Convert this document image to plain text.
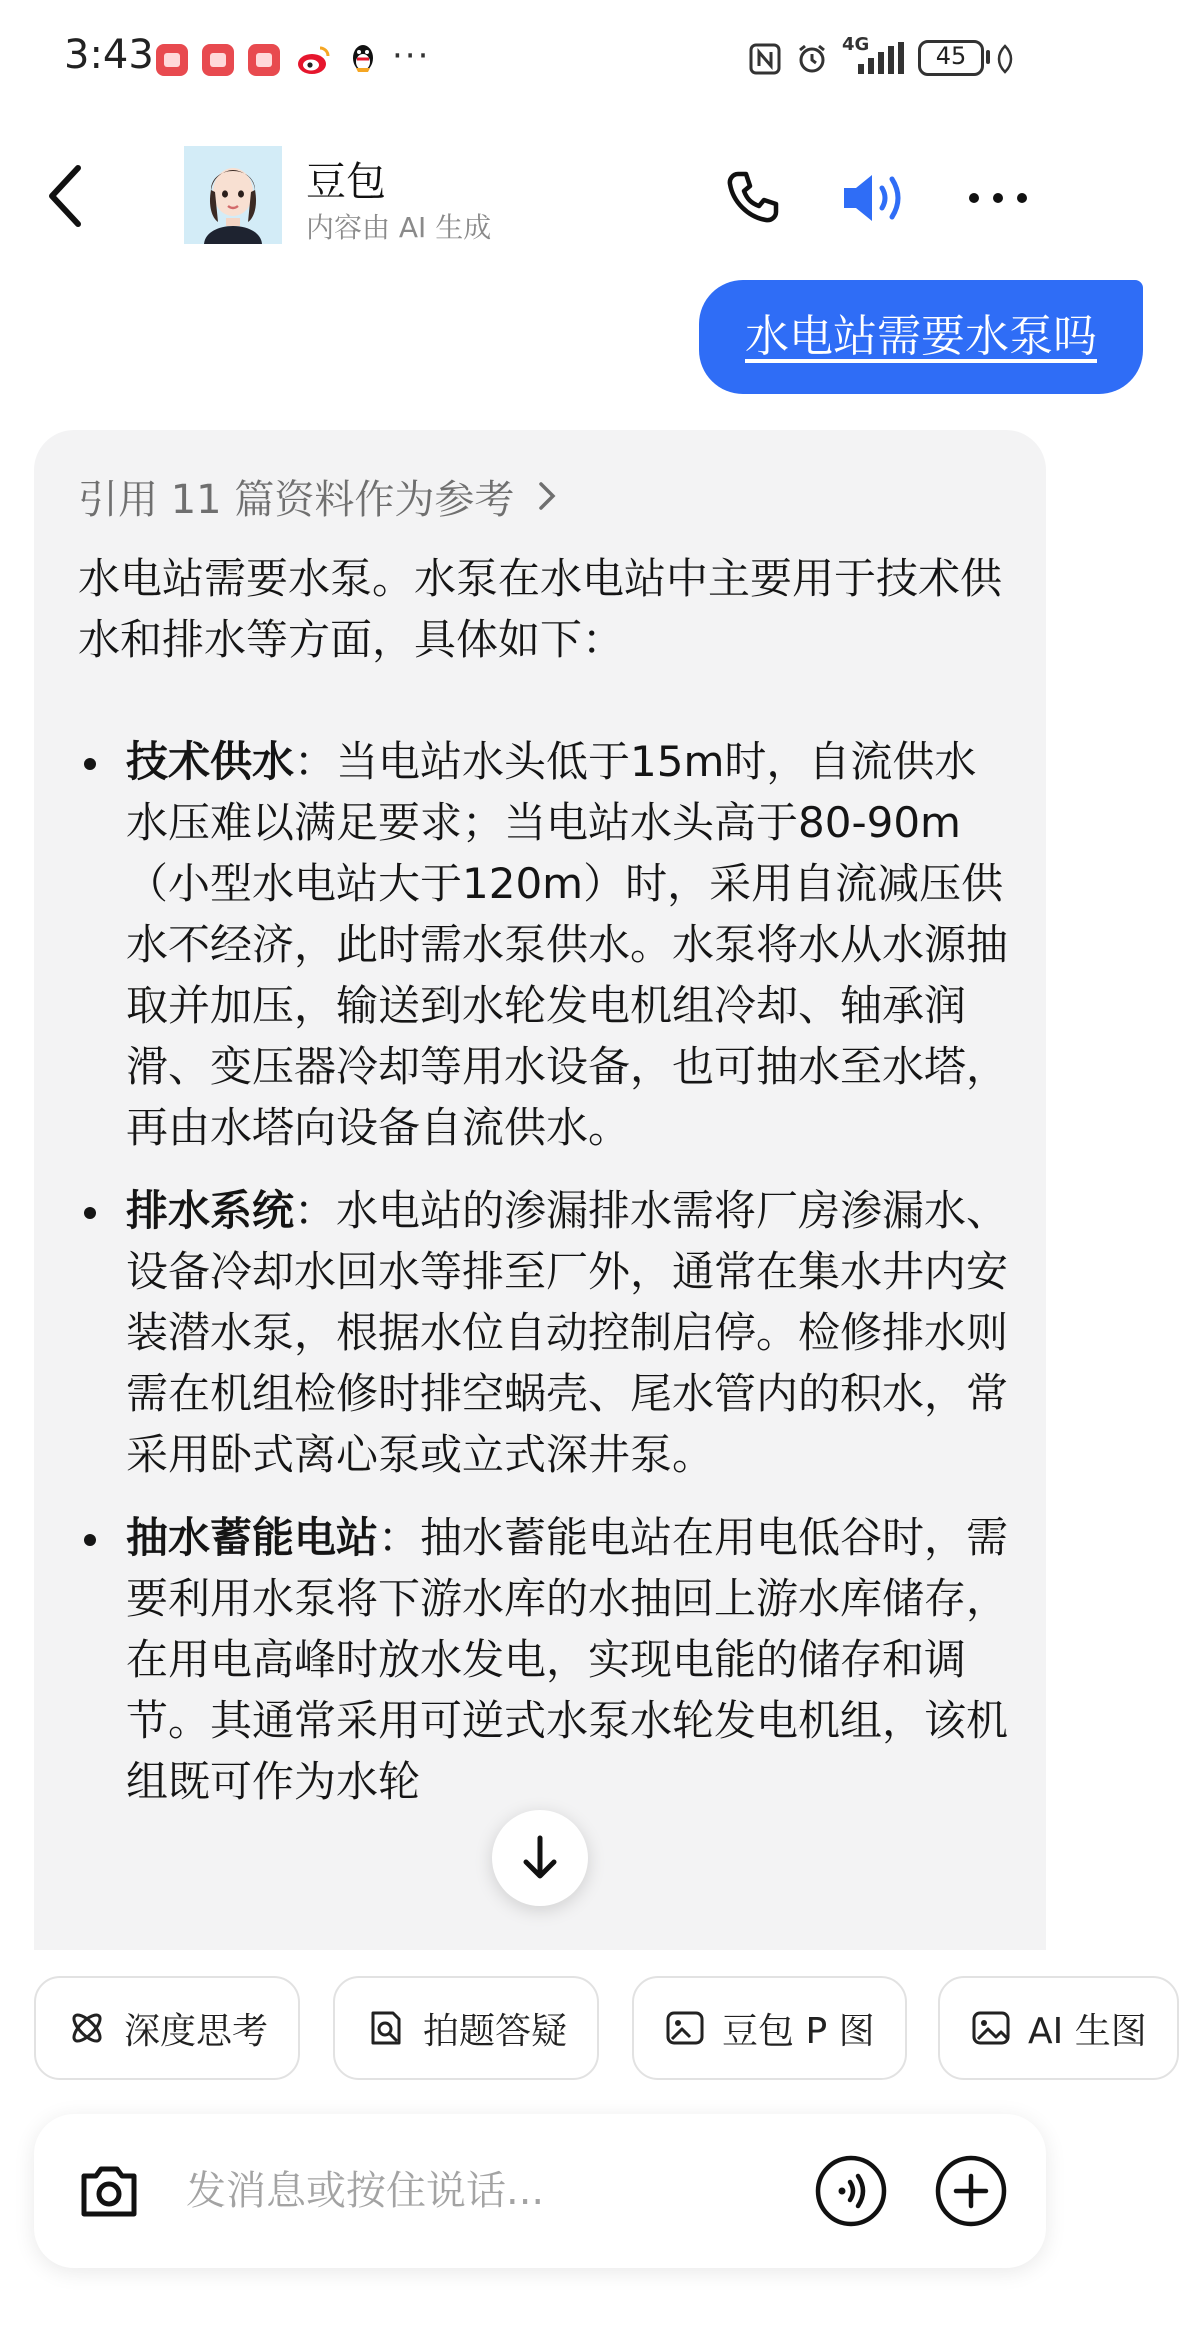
3:43	···	4G	45
豆包
内容由 AI 生成
水电站需要水泵吗
引用 11 篇资料作为参考
水电站需要水泵。水泵在水电站中主要用于技术供水和排水等方面，具体如下：
技术供水：当电站水头低于15m时，自流供水水压难以满足要求；当电站水头高于80-90m（小型水电站大于120m）时，采用自流减压供水不经济，此时需水泵供水。水泵将水从水源抽取并加压，输送到水轮发电机组冷却、轴承润滑、变压器冷却等用水设备，也可抽水至水塔，再由水塔向设备自流供水。
排水系统：水电站的渗漏排水需将厂房渗漏水、设备冷却水回水等排至厂外，通常在集水井内安装潜水泵，根据水位自动控制启停。检修排水则需在机组检修时排空蜗壳、尾水管内的积水，常采用卧式离心泵或立式深井泵。
抽水蓄能电站：抽水蓄能电站在用电低谷时，需要利用水泵将下游水库的水抽回上游水库储存，在用电高峰时放水发电，实现电能的储存和调节。其通常采用可逆式水泵水轮发电机组，该机组既可作为水轮
深度思考	拍题答疑	豆包 P 图	AI 生图
发消息或按住说话...
